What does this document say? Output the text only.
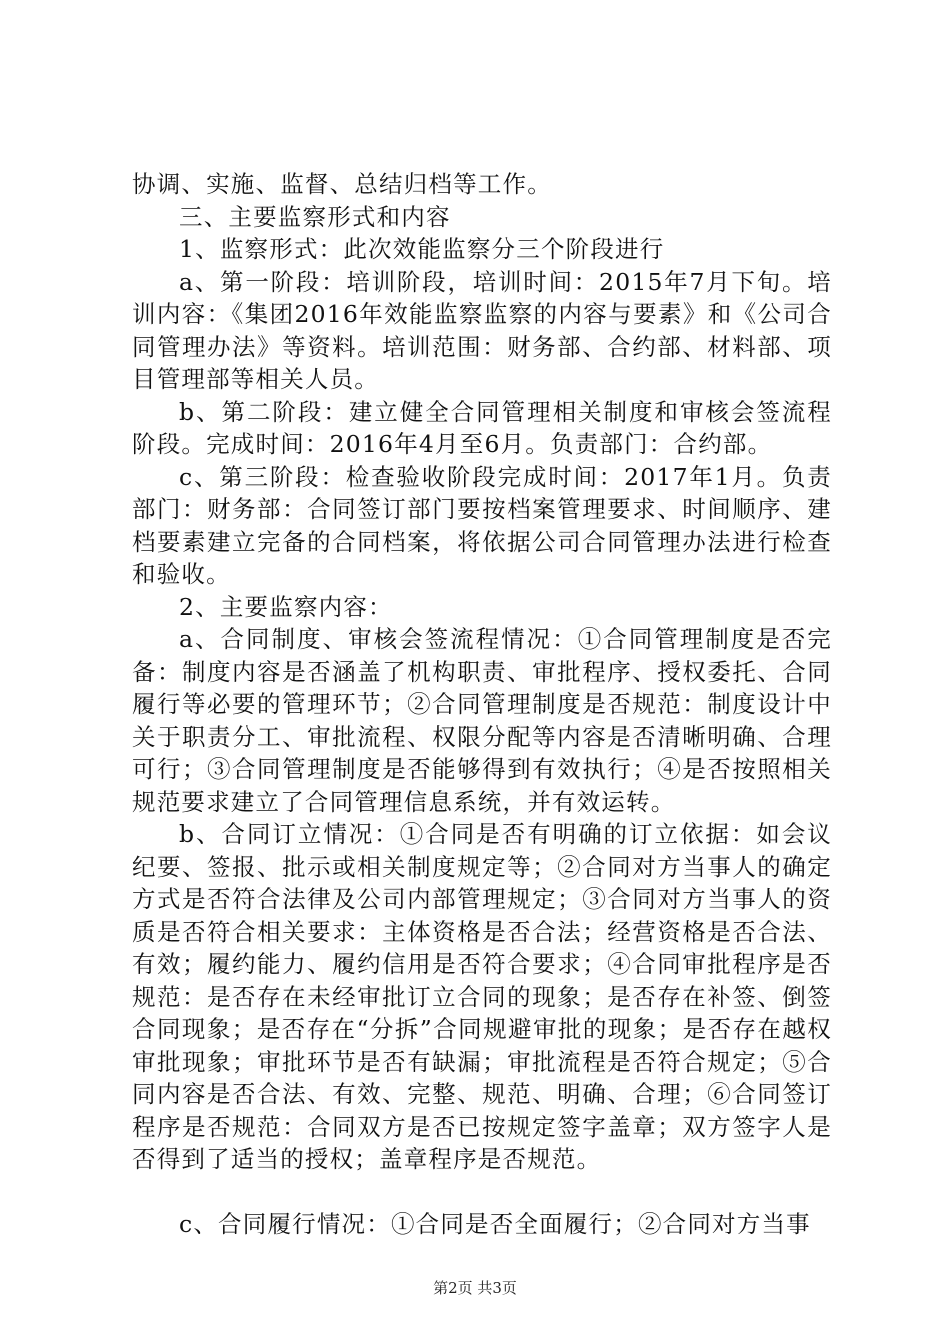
协调、实施、监督、总结归档等工作。

三、主要监察形式和内容

1、监察形式：此次效能监察分三个阶段进行

a、第一阶段：培训阶段，培训时间：2015年7月下旬。培训内容：《集团2016年效能监察监察的内容与要素》和《公司合同管理办法》等资料。培训范围：财务部、合约部、材料部、项目管理部等相关人员。

b、第二阶段：建立健全合同管理相关制度和审核会签流程阶段。完成时间：2016年4月至6月。负责部门：合约部。

c、第三阶段：检查验收阶段完成时间：2017年1月。负责部门：财务部：合同签订部门要按档案管理要求、时间顺序、建档要素建立完备的合同档案，将依据公司合同管理办法进行检查和验收。

2、主要监察内容：

a、合同制度、审核会签流程情况：①合同管理制度是否完备：制度内容是否涵盖了机构职责、审批程序、授权委托、合同履行等必要的管理环节；②合同管理制度是否规范：制度设计中关于职责分工、审批流程、权限分配等内容是否清晰明确、合理可行；③合同管理制度是否能够得到有效执行；④是否按照相关规范要求建立了合同管理信息系统，并有效运转。

b、合同订立情况：①合同是否有明确的订立依据：如会议纪要、签报、批示或相关制度规定等；②合同对方当事人的确定方式是否符合法律及公司内部管理规定；③合同对方当事人的资质是否符合相关要求：主体资格是否合法；经营资格是否合法、有效；履约能力、履约信用是否符合要求；④合同审批程序是否规范：是否存在未经审批订立合同的现象；是否存在补签、倒签合同现象；是否存在“分拆”合同规避审批的现象；是否存在越权审批现象；审批环节是否有缺漏；审批流程是否符合规定；⑤合同内容是否合法、有效、完整、规范、明确、合理；⑥合同签订程序是否规范：合同双方是否已按规定签字盖章；双方签字人是否得到了适当的授权；盖章程序是否规范。

c、合同履行情况：①合同是否全面履行；②合同对方当事

第2页 共3页
